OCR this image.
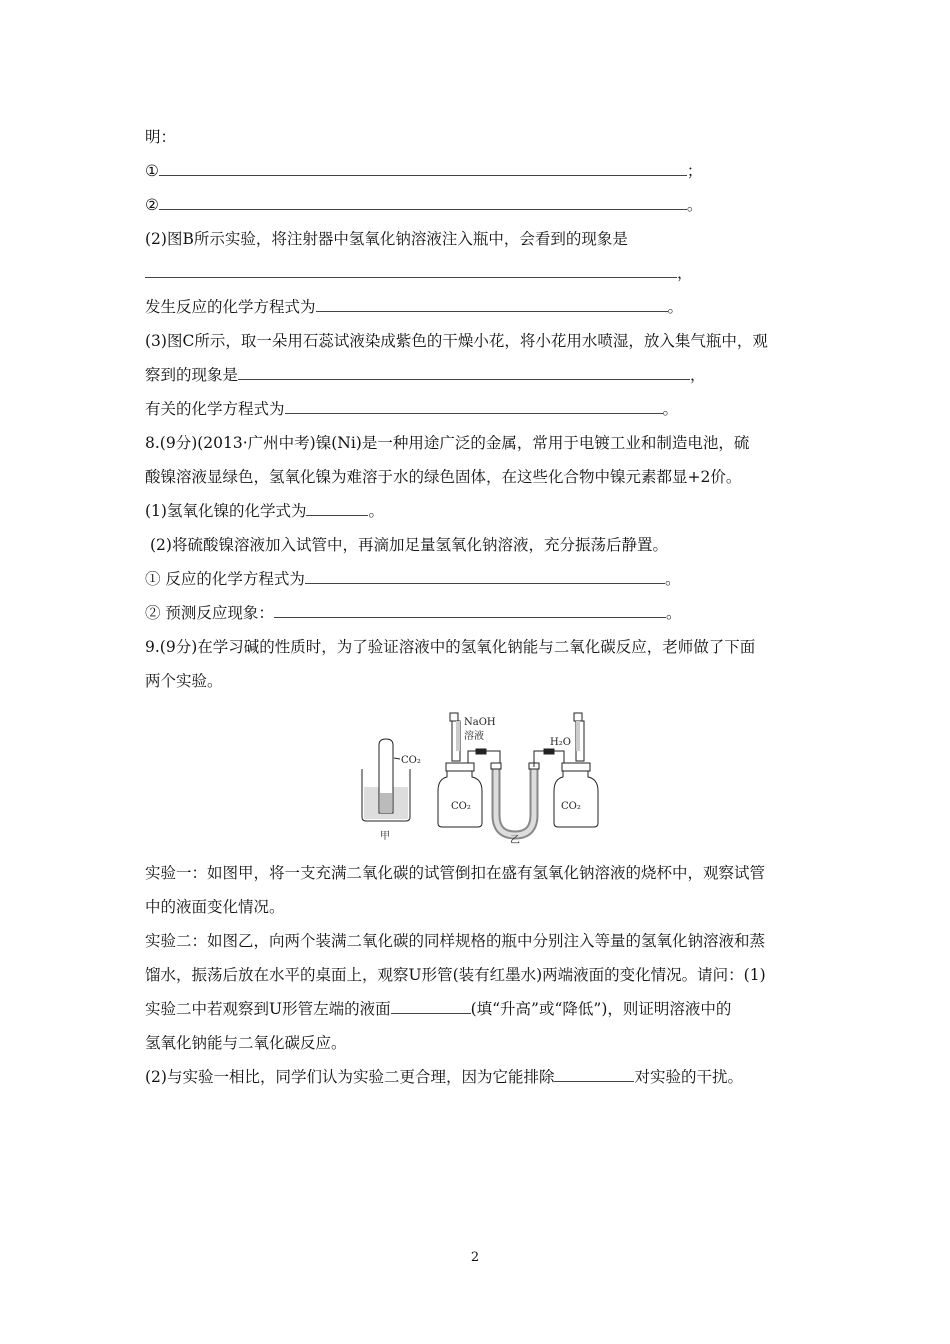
明：
①	；
②	。
(2)图B所示实验，将注射器中氢氧化钠溶液注入瓶中，会看到的现象是
，
发生反应的化学方程式为	。
(3)图C所示，取一朵用石蕊试液染成紫色的干燥小花，将小花用水喷湿，放入集气瓶中，观
察到的现象是	，
有关的化学方程式为	。
8.(9分)(2013·广州中考)镍(Ni)是一种用途广泛的金属，常用于电镀工业和制造电池，硫
酸镍溶液显绿色，氢氧化镍为难溶于水的绿色固体，在这些化合物中镍元素都显+2价。
(1)氢氧化镍的化学式为	。
(2)将硫酸镍溶液加入试管中，再滴加足量氢氧化钠溶液，充分振荡后静置。
① 反应的化学方程式为	。
② 预测反应现象：	。
9.(9分)在学习碱的性质时，为了验证溶液中的氢氧化钠能与二氧化碳反应，老师做了下面
两个实验。
CO₂
NaOH
溶液
H₂O
CO₂	CO₂
甲	乙
实验一：如图甲，将一支充满二氧化碳的试管倒扣在盛有氢氧化钠溶液的烧杯中，观察试管
中的液面变化情况。
实验二：如图乙，向两个装满二氧化碳的同样规格的瓶中分别注入等量的氢氧化钠溶液和蒸
馏水，振荡后放在水平的桌面上，观察U形管(装有红墨水)两端液面的变化情况。请问：(1)
实验二中若观察到U形管左端的液面	(填“升高”或“降低”)，则证明溶液中的
氢氧化钠能与二氧化碳反应。
(2)与实验一相比，同学们认为实验二更合理，因为它能排除	对实验的干扰。
2
